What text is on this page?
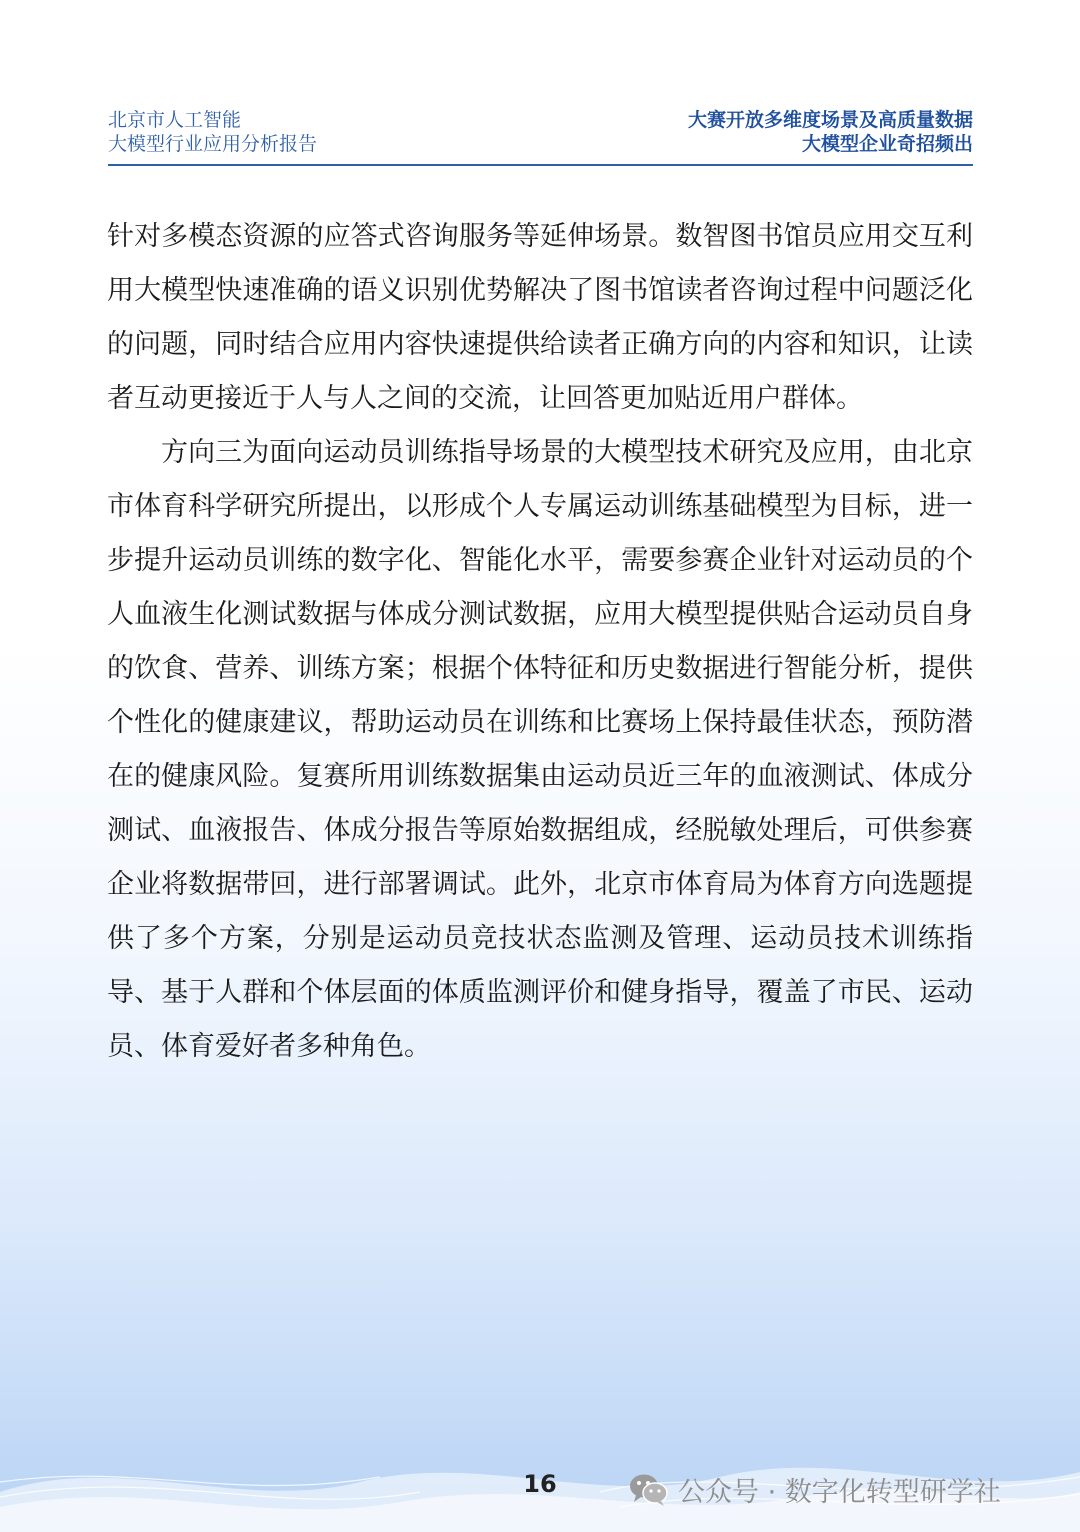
北京市人工智能
大模型行业应用分析报告
大赛开放多维度场景及高质量数据
大模型企业奇招频出

针对多模态资源的应答式咨询服务等延伸场景。数智图书馆员应用交互利用大模型快速准确的语义识别优势解决了图书馆读者咨询过程中问题泛化的问题，同时结合应用内容快速提供给读者正确方向的内容和知识，让读者互动更接近于人与人之间的交流，让回答更加贴近用户群体。

方向三为面向运动员训练指导场景的大模型技术研究及应用，由北京市体育科学研究所提出，以形成个人专属运动训练基础模型为目标，进一步提升运动员训练的数字化、智能化水平，需要参赛企业针对运动员的个人血液生化测试数据与体成分测试数据，应用大模型提供贴合运动员自身的饮食、营养、训练方案；根据个体特征和历史数据进行智能分析，提供个性化的健康建议，帮助运动员在训练和比赛场上保持最佳状态，预防潜在的健康风险。复赛所用训练数据集由运动员近三年的血液测试、体成分测试、血液报告、体成分报告等原始数据组成，经脱敏处理后，可供参赛企业将数据带回，进行部署调试。此外，北京市体育局为体育方向选题提供了多个方案，分别是运动员竞技状态监测及管理、运动员技术训练指导、基于人群和个体层面的体质监测评价和健身指导，覆盖了市民、运动员、体育爱好者多种角色。

16	公众号 · 数字化转型研学社
